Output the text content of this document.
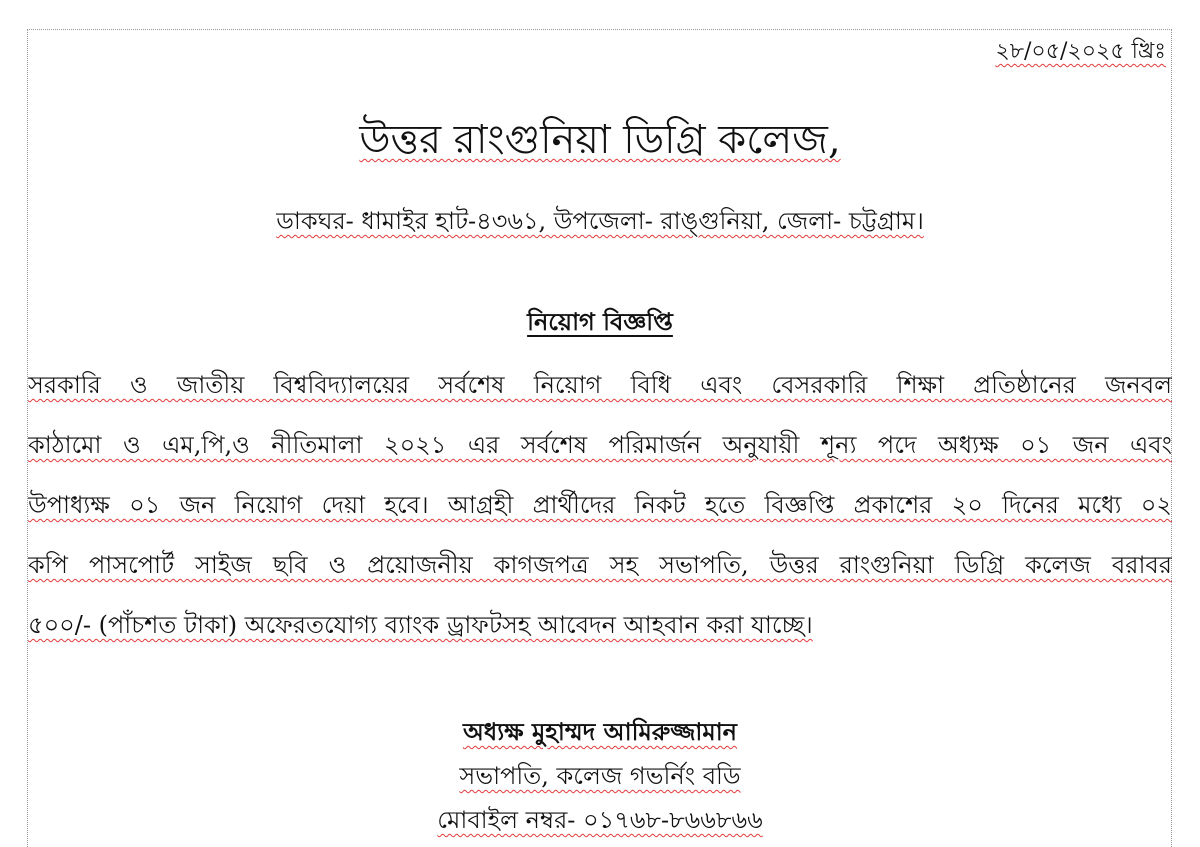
২৮/০৫/২০২৫ খ্রিঃ
উত্তর রাংগুনিয়া ডিগ্রি কলেজ,
ডাকঘর- ধামাইর হাট-৪৩৬১, উপজেলা- রাঙ্গুনিয়া, জেলা- চট্টগ্রাম।
নিয়োগ বিজ্ঞপ্তি
সরকারি ও জাতীয় বিশ্ববিদ্যালয়ের সর্বশেষ নিয়োগ বিধি এবং বেসরকারি শিক্ষা প্রতিষ্ঠানের জনবল
কাঠামো ও এম,পি,ও নীতিমালা ২০২১ এর সর্বশেষ পরিমার্জন অনুযায়ী শূন্য পদে অধ্যক্ষ ০১ জন এবং
উপাধ্যক্ষ ০১ জন নিয়োগ দেয়া হবে। আগ্রহী প্রার্থীদের নিকট হতে বিজ্ঞপ্তি প্রকাশের ২০ দিনের মধ্যে ০২
কপি পাসপোর্ট সাইজ ছবি ও প্রয়োজনীয় কাগজপত্র সহ সভাপতি, উত্তর রাংগুনিয়া ডিগ্রি কলেজ বরাবর
৫০০/- (পাঁচশত টাকা) অফেরতযোগ্য ব্যাংক ড্রাফটসহ আবেদন আহবান করা যাচ্ছে।
অধ্যক্ষ মুহাম্মদ আমিরুজ্জামান
সভাপতি, কলেজ গভর্নিং বডি
মোবাইল নম্বর- ০১৭৬৮-৮৬৬৮৬৬
